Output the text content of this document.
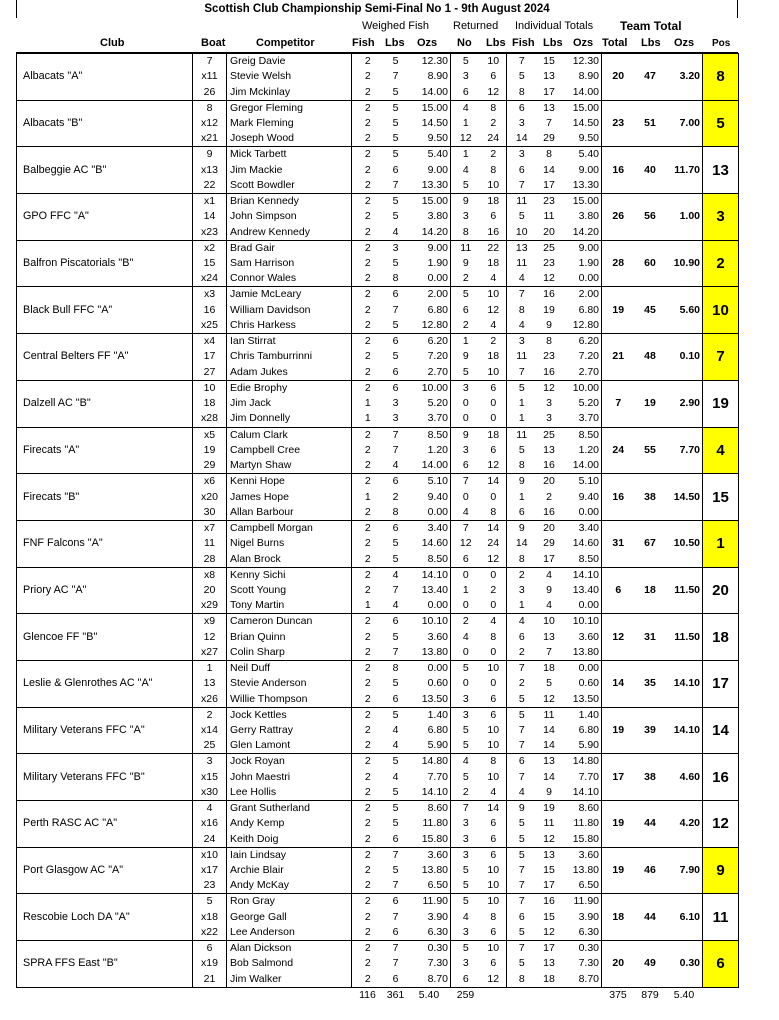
Scottish Club Championship Semi-Final No 1 - 9th August 2024
Weighed Fish Returned Individual Totals Team Total
Club	Boat	Competitor	Fish Lbs Ozs No Lbs Fish Lbs Ozs Total Lbs Ozs Pos
Albacats "A"	7	Greig Davie	2	5	12.30	5	10	7	15	12.30	20	47	3.20	8
	x11	Stevie Welsh	2	7	8.90	3	6	5	13	8.90				
	26	Jim Mckinlay	2	5	14.00	6	12	8	17	14.00				
Albacats "B"	8	Gregor Fleming	2	5	15.00	4	8	6	13	15.00	23	51	7.00	5
	x12	Mark Fleming	2	5	14.50	1	2	3	7	14.50				
	x21	Joseph Wood	2	5	9.50	12	24	14	29	9.50				
Balbeggie AC "B"	9	Mick Tarbett	2	5	5.40	1	2	3	8	5.40	16	40	11.70	13
	x13	Jim Mackie	2	6	9.00	4	8	6	14	9.00				
	22	Scott Bowdler	2	7	13.30	5	10	7	17	13.30				
GPO FFC "A"	x1	Brian Kennedy	2	5	15.00	9	18	11	23	15.00	26	56	1.00	3
	14	John Simpson	2	5	3.80	3	6	5	11	3.80				
	x23	Andrew Kennedy	2	4	14.20	8	16	10	20	14.20				
Balfron Piscatorials "B"	x2	Brad Gair	2	3	9.00	11	22	13	25	9.00	28	60	10.90	2
	15	Sam Harrison	2	5	1.90	9	18	11	23	1.90				
	x24	Connor Wales	2	8	0.00	2	4	4	12	0.00				
Black Bull FFC "A"	x3	Jamie McLeary	2	6	2.00	5	10	7	16	2.00	19	45	5.60	10
	16	William Davidson	2	7	6.80	6	12	8	19	6.80				
	x25	Chris Harkess	2	5	12.80	2	4	4	9	12.80				
Central Belters FF "A"	x4	Ian Stirrat	2	6	6.20	1	2	3	8	6.20	21	48	0.10	7
	17	Chris Tamburrinni	2	5	7.20	9	18	11	23	7.20				
	27	Adam Jukes	2	6	2.70	5	10	7	16	2.70				
Dalzell AC "B"	10	Edie Brophy	2	6	10.00	3	6	5	12	10.00	7	19	2.90	19
	18	Jim Jack	1	3	5.20	0	0	1	3	5.20				
	x28	Jim Donnelly	1	3	3.70	0	0	1	3	3.70				
Firecats "A"	x5	Calum Clark	2	7	8.50	9	18	11	25	8.50	24	55	7.70	4
	19	Campbell Cree	2	7	1.20	3	6	5	13	1.20				
	29	Martyn Shaw	2	4	14.00	6	12	8	16	14.00				
Firecats "B"	x6	Kenni Hope	2	6	5.10	7	14	9	20	5.10	16	38	14.50	15
	x20	James Hope	1	2	9.40	0	0	1	2	9.40				
	30	Allan Barbour	2	8	0.00	4	8	6	16	0.00				
FNF Falcons "A"	x7	Campbell Morgan	2	6	3.40	7	14	9	20	3.40	31	67	10.50	1
	11	Nigel Burns	2	5	14.60	12	24	14	29	14.60				
	28	Alan Brock	2	5	8.50	6	12	8	17	8.50				
Priory AC "A"	x8	Kenny Sichi	2	4	14.10	0	0	2	4	14.10	6	18	11.50	20
	20	Scott Young	2	7	13.40	1	2	3	9	13.40				
	x29	Tony Martin	1	4	0.00	0	0	1	4	0.00				
Glencoe FF "B"	x9	Cameron Duncan	2	6	10.10	2	4	4	10	10.10	12	31	11.50	18
	12	Brian Quinn	2	5	3.60	4	8	6	13	3.60				
	x27	Colin Sharp	2	7	13.80	0	0	2	7	13.80				
Leslie & Glenrothes AC "A"	1	Neil Duff	2	8	0.00	5	10	7	18	0.00	14	35	14.10	17
	13	Stevie Anderson	2	5	0.60	0	0	2	5	0.60				
	x26	Willie Thompson	2	6	13.50	3	6	5	12	13.50				
Military Veterans FFC "A"	2	Jock Kettles	2	5	1.40	3	6	5	11	1.40	19	39	14.10	14
	x14	Gerry Rattray	2	4	6.80	5	10	7	14	6.80				
	25	Glen Lamont	2	4	5.90	5	10	7	14	5.90				
Military Veterans FFC "B"	3	Jock Royan	2	5	14.80	4	8	6	13	14.80	17	38	4.60	16
	x15	John Maestri	2	4	7.70	5	10	7	14	7.70				
	x30	Lee Hollis	2	5	14.10	2	4	4	9	14.10				
Perth RASC AC "A"	4	Grant Sutherland	2	5	8.60	7	14	9	19	8.60	19	44	4.20	12
	x16	Andy Kemp	2	5	11.80	3	6	5	11	11.80				
	24	Keith Doig	2	6	15.80	3	6	5	12	15.80				
Port Glasgow AC "A"	x10	Iain Lindsay	2	7	3.60	3	6	5	13	3.60	19	46	7.90	9
	x17	Archie Blair	2	5	13.80	5	10	7	15	13.80				
	23	Andy McKay	2	7	6.50	5	10	7	17	6.50				
Rescobie Loch DA "A"	5	Ron Gray	2	6	11.90	5	10	7	16	11.90	18	44	6.10	11
	x18	George Gall	2	7	3.90	4	8	6	15	3.90				
	x22	Lee Anderson	2	6	6.30	3	6	5	12	6.30				
SPRA FFS East "B"	6	Alan Dickson	2	7	0.30	5	10	7	17	0.30	20	49	0.30	6
	x19	Bob Salmond	2	7	7.30	3	6	5	13	7.30				
	21	Jim Walker	2	6	8.70	6	12	8	18	8.70				
			116	361	5.40	259					375	879	5.40	
